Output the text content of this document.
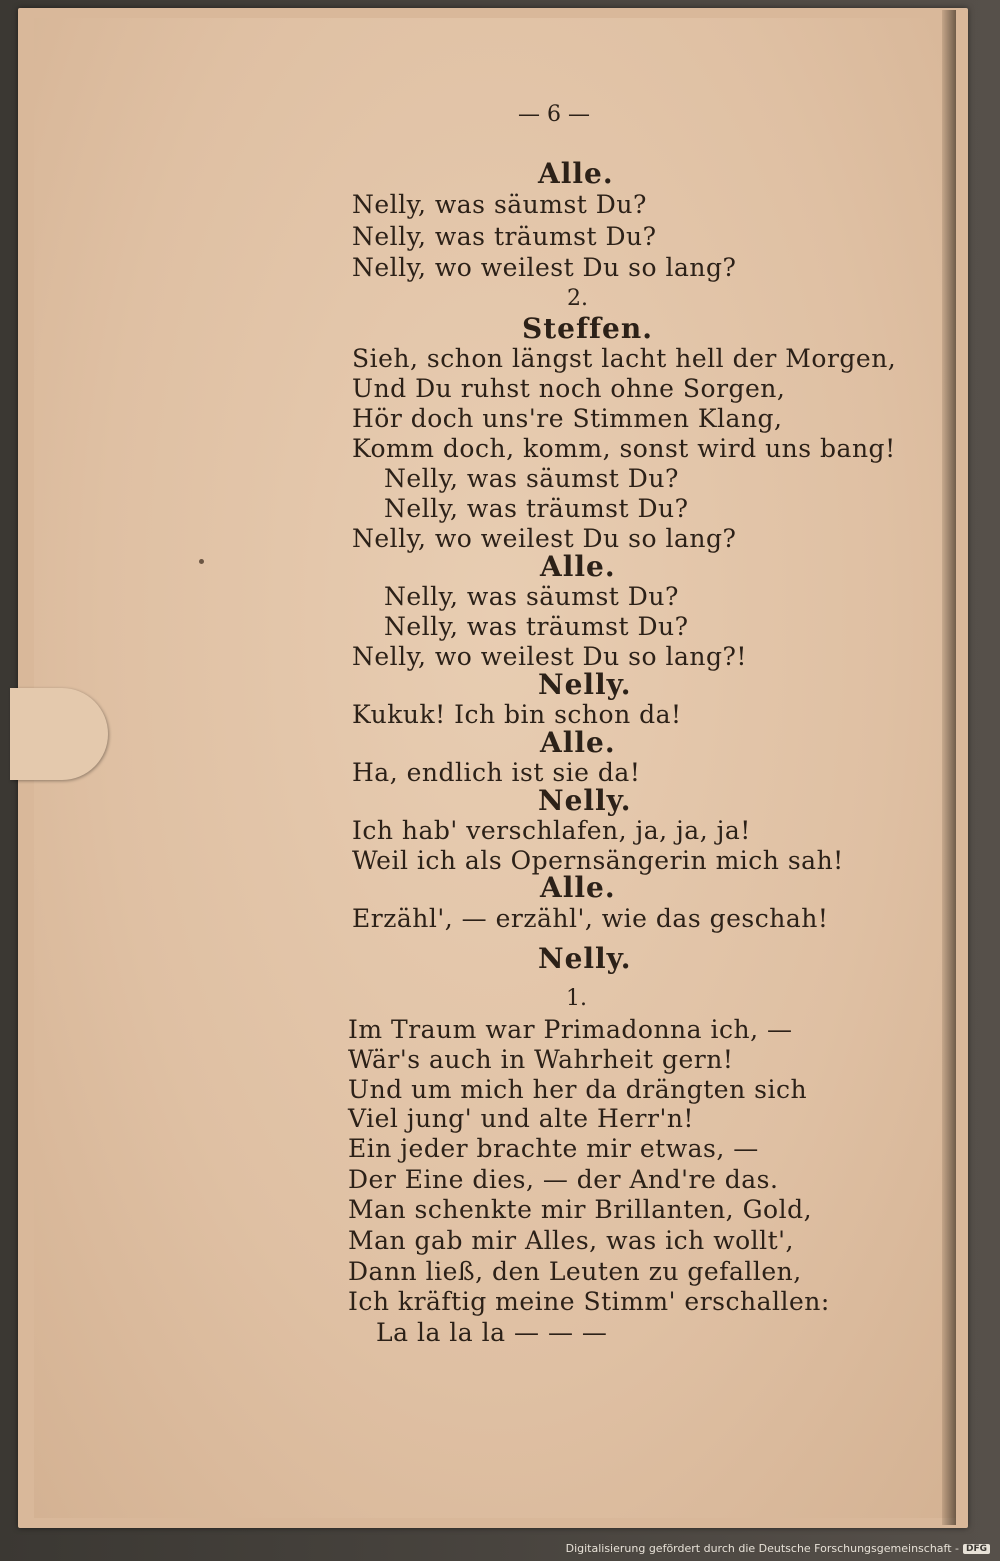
— 6 —
Alle.
Nelly, was säumst Du?
Nelly, was träumst Du?
Nelly, wo weilest Du so lang?
2.
Steffen.
Sieh, schon längst lacht hell der Morgen,
Und Du ruhst noch ohne Sorgen,
Hör doch uns're Stimmen Klang,
Komm doch, komm, sonst wird uns bang!
Nelly, was säumst Du?
Nelly, was träumst Du?
Nelly, wo weilest Du so lang?
Alle.
Nelly, was säumst Du?
Nelly, was träumst Du?
Nelly, wo weilest Du so lang?!
Nelly.
Kukuk! Ich bin schon da!
Alle.
Ha, endlich ist sie da!
Nelly.
Ich hab' verschlafen, ja, ja, ja!
Weil ich als Opernsängerin mich sah!
Alle.
Erzähl', — erzähl', wie das geschah!
Nelly.
1.
Im Traum war Primadonna ich, —
Wär's auch in Wahrheit gern!
Und um mich her da drängten sich
Viel jung' und alte Herr'n!
Ein jeder brachte mir etwas, —
Der Eine dies, — der And're das.
Man schenkte mir Brillanten, Gold,
Man gab mir Alles, was ich wollt',
Dann ließ, den Leuten zu gefallen,
Ich kräftig meine Stimm' erschallen:
La la la la — — —
Digitalisierung gefördert durch die Deutsche Forschungsgemeinschaft - DFG
